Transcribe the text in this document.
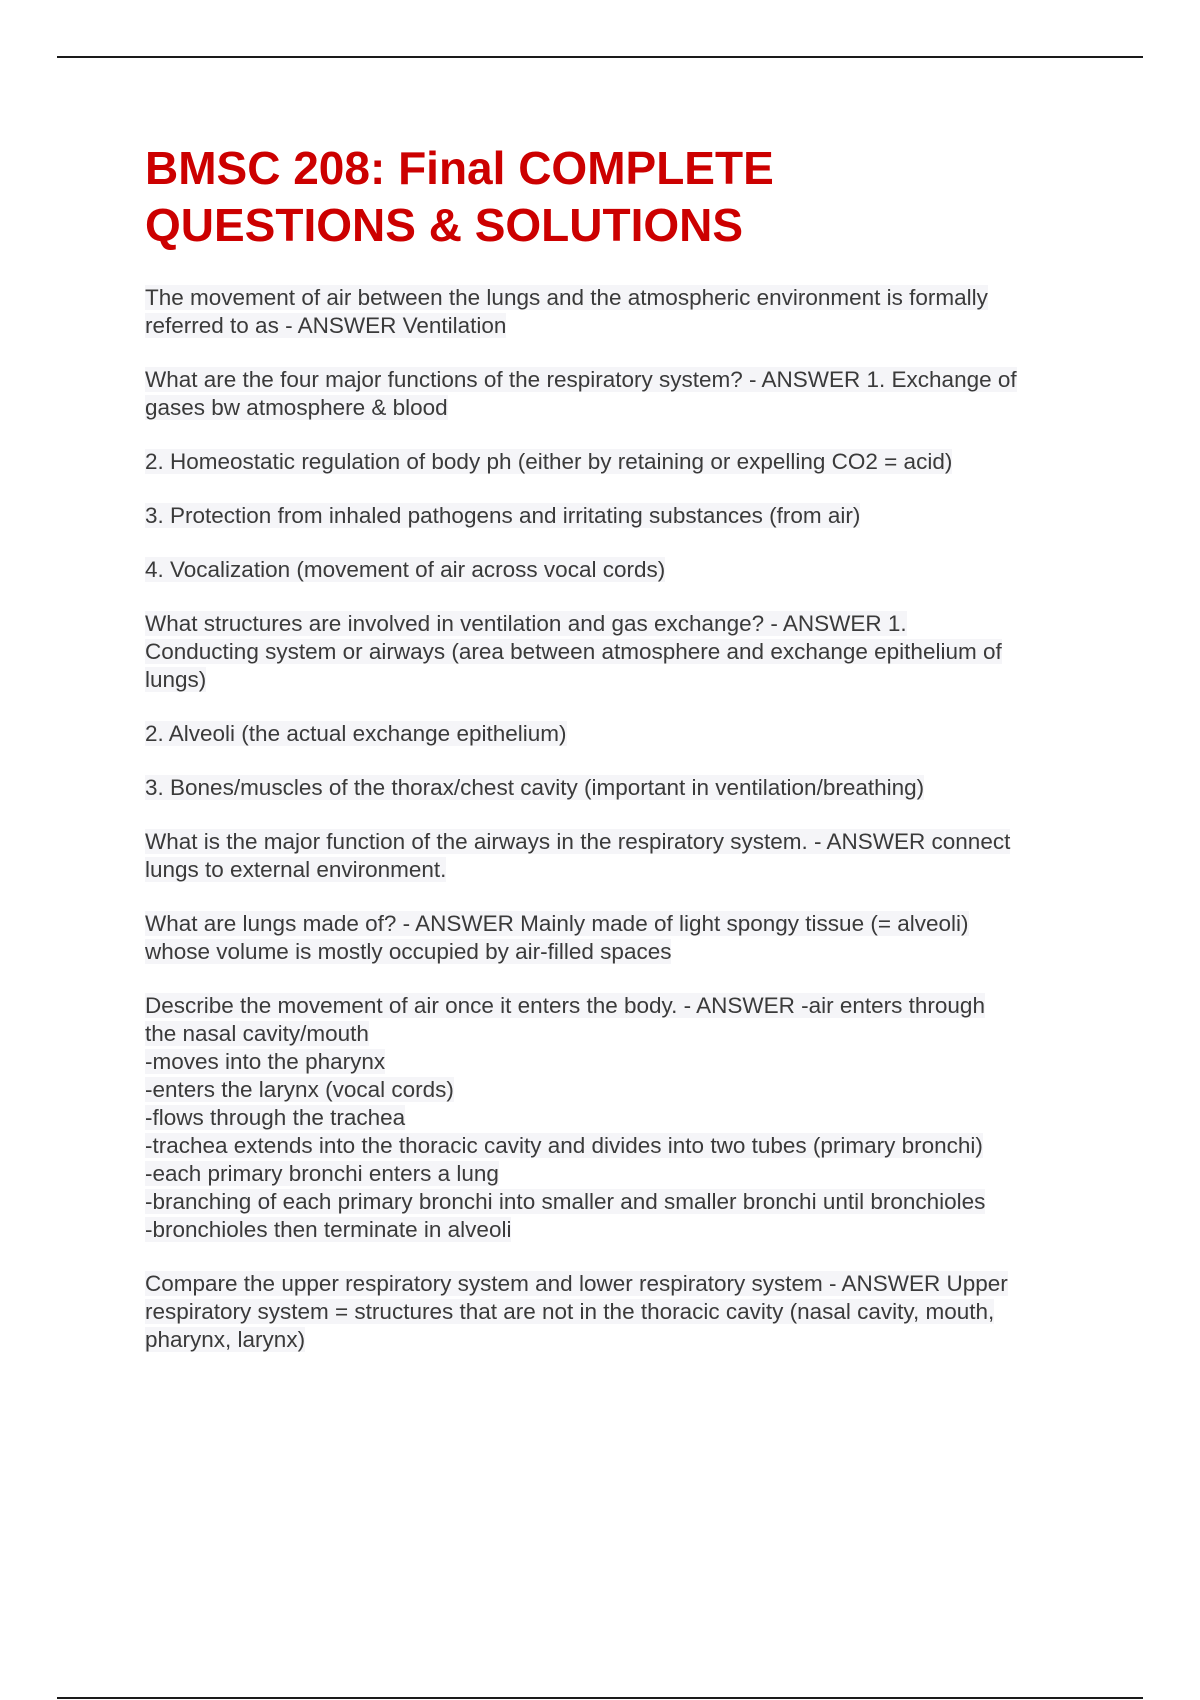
BMSC 208: Final COMPLETE
QUESTIONS & SOLUTIONS
The movement of air between the lungs and the atmospheric environment is formally
referred to as - ANSWER Ventilation
What are the four major functions of the respiratory system? - ANSWER 1. Exchange of
gases bw atmosphere & blood
2. Homeostatic regulation of body ph (either by retaining or expelling CO2 = acid)
3. Protection from inhaled pathogens and irritating substances (from air)
4. Vocalization (movement of air across vocal cords)
What structures are involved in ventilation and gas exchange? - ANSWER 1.
Conducting system or airways (area between atmosphere and exchange epithelium of
lungs)
2. Alveoli (the actual exchange epithelium)
3. Bones/muscles of the thorax/chest cavity (important in ventilation/breathing)
What is the major function of the airways in the respiratory system. - ANSWER connect
lungs to external environment.
What are lungs made of? - ANSWER Mainly made of light spongy tissue (= alveoli)
whose volume is mostly occupied by air-filled spaces
Describe the movement of air once it enters the body. - ANSWER -air enters through
the nasal cavity/mouth
-moves into the pharynx
-enters the larynx (vocal cords)
-flows through the trachea
-trachea extends into the thoracic cavity and divides into two tubes (primary bronchi)
-each primary bronchi enters a lung
-branching of each primary bronchi into smaller and smaller bronchi until bronchioles
-bronchioles then terminate in alveoli
Compare the upper respiratory system and lower respiratory system - ANSWER Upper
respiratory system = structures that are not in the thoracic cavity (nasal cavity, mouth,
pharynx, larynx)
